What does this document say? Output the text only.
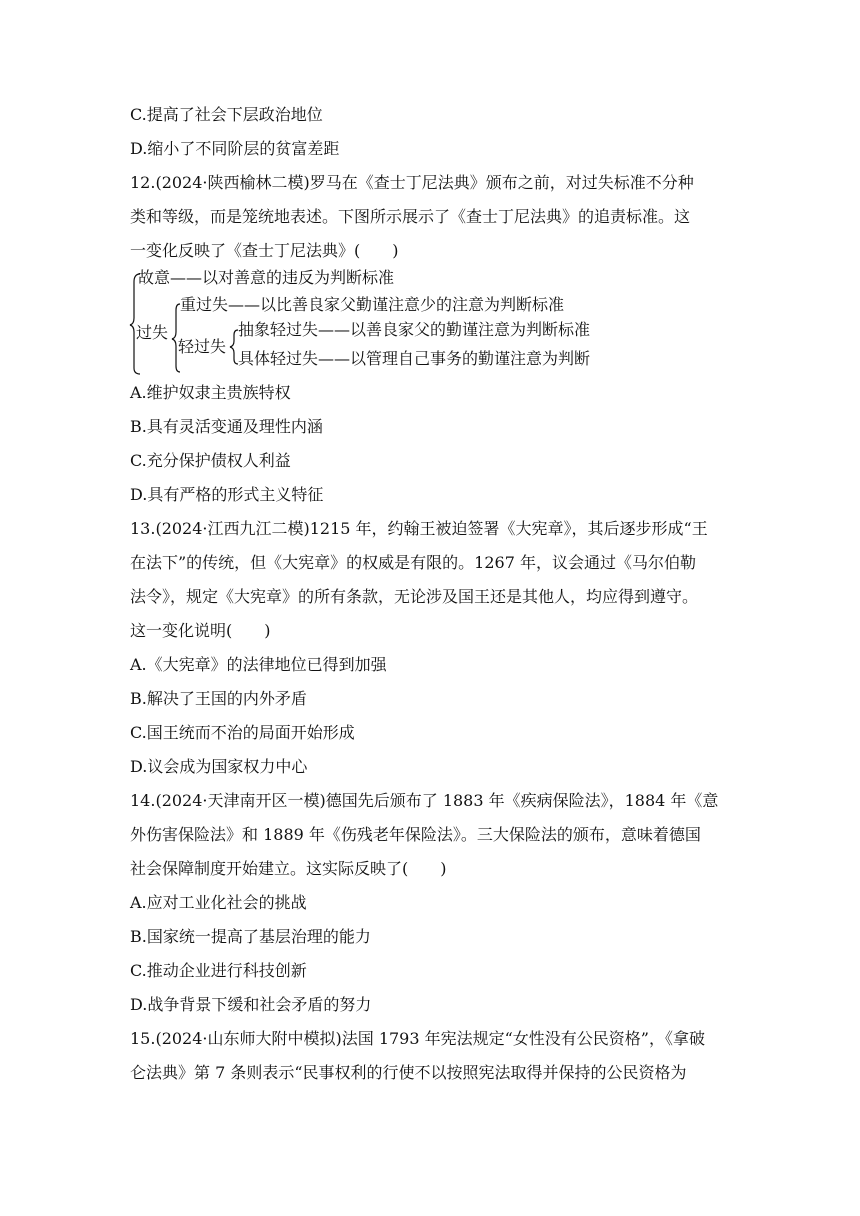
C.提高了社会下层政治地位
D.缩小了不同阶层的贫富差距
12.(2024·陕西榆林二模)罗马在《查士丁尼法典》颁布之前，对过失标准不分种
类和等级，而是笼统地表述。下图所示展示了《查士丁尼法典》的追责标准。这
一变化反映了《查士丁尼法典》(　　)
故意——以对善意的违反为判断标准
过失
重过失——以比善良家父勤谨注意少的注意为判断标准
轻过失
抽象轻过失——以善良家父的勤谨注意为判断标准
具体轻过失——以管理自己事务的勤谨注意为判断
A.维护奴隶主贵族特权
B.具有灵活变通及理性内涵
C.充分保护债权人利益
D.具有严格的形式主义特征
13.(2024·江西九江二模)1215 年，约翰王被迫签署《大宪章》，其后逐步形成“王
在法下”的传统，但《大宪章》的权威是有限的。1267 年，议会通过《马尔伯勒
法令》，规定《大宪章》的所有条款，无论涉及国王还是其他人，均应得到遵守。
这一变化说明(　　)
A.《大宪章》的法律地位已得到加强
B.解决了王国的内外矛盾
C.国王统而不治的局面开始形成
D.议会成为国家权力中心
14.(2024·天津南开区一模)德国先后颁布了 1883 年《疾病保险法》，1884 年《意
外伤害保险法》和 1889 年《伤残老年保险法》。三大保险法的颁布，意味着德国
社会保障制度开始建立。这实际反映了(　　)
A.应对工业化社会的挑战
B.国家统一提高了基层治理的能力
C.推动企业进行科技创新
D.战争背景下缓和社会矛盾的努力
15.(2024·山东师大附中模拟)法国 1793 年宪法规定“女性没有公民资格”，《拿破
仑法典》第 7 条则表示“民事权利的行使不以按照宪法取得并保持的公民资格为
